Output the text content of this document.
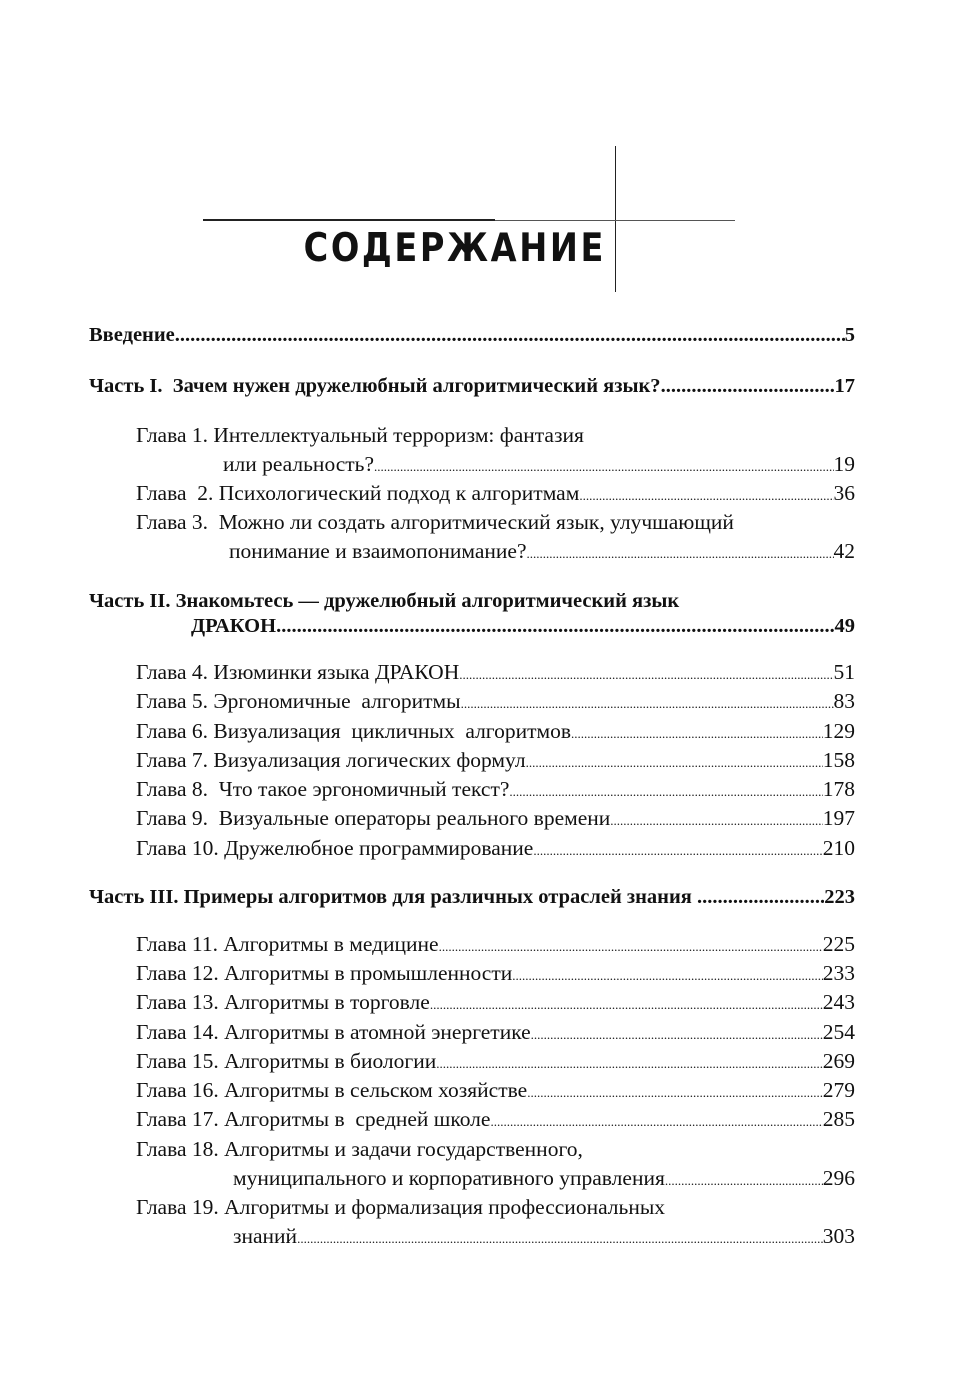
СОДЕРЖАНИЕ
Введение .....	5
Часть I.  Зачем нужен дружелюбный алгоритмический язык? .....	17
Глава 1. Интеллектуальный терроризм: фантазия
или реальность? .....	19
Глава  2. Психологический подход к алгоритмам .....	36
Глава 3.  Можно ли создать алгоритмический язык, улучшающий
понимание и взаимопонимание? .....	42
Часть II. Знакомьтесь — дружелюбный алгоритмический язык
ДРАКОН .....	49
Глава 4. Изюминки языка ДРАКОН .....	51
Глава 5. Эргономичные  алгоритмы .....	83
Глава 6. Визуализация  цикличных  алгоритмов .....	129
Глава 7. Визуализация логических формул .....	158
Глава 8.  Что такое эргономичный текст? .....	178
Глава 9.  Визуальные операторы реального времени .....	197
Глава 10. Дружелюбное программирование .....	210
Часть III. Примеры алгоритмов для различных отраслей знания .....	223
Глава 11. Алгоритмы в медицине .....	225
Глава 12. Алгоритмы в промышленности .....	233
Глава 13. Алгоритмы в торговле .....	243
Глава 14. Алгоритмы в атомной энергетике .....	254
Глава 15. Алгоритмы в биологии .....	269
Глава 16. Алгоритмы в сельском хозяйстве .....	279
Глава 17. Алгоритмы в  средней школе .....	285
Глава 18. Алгоритмы и задачи государственного,
муниципального и корпоративного управления .....	296
Глава 19. Алгоритмы и формализация профессиональных
знаний .....	303
